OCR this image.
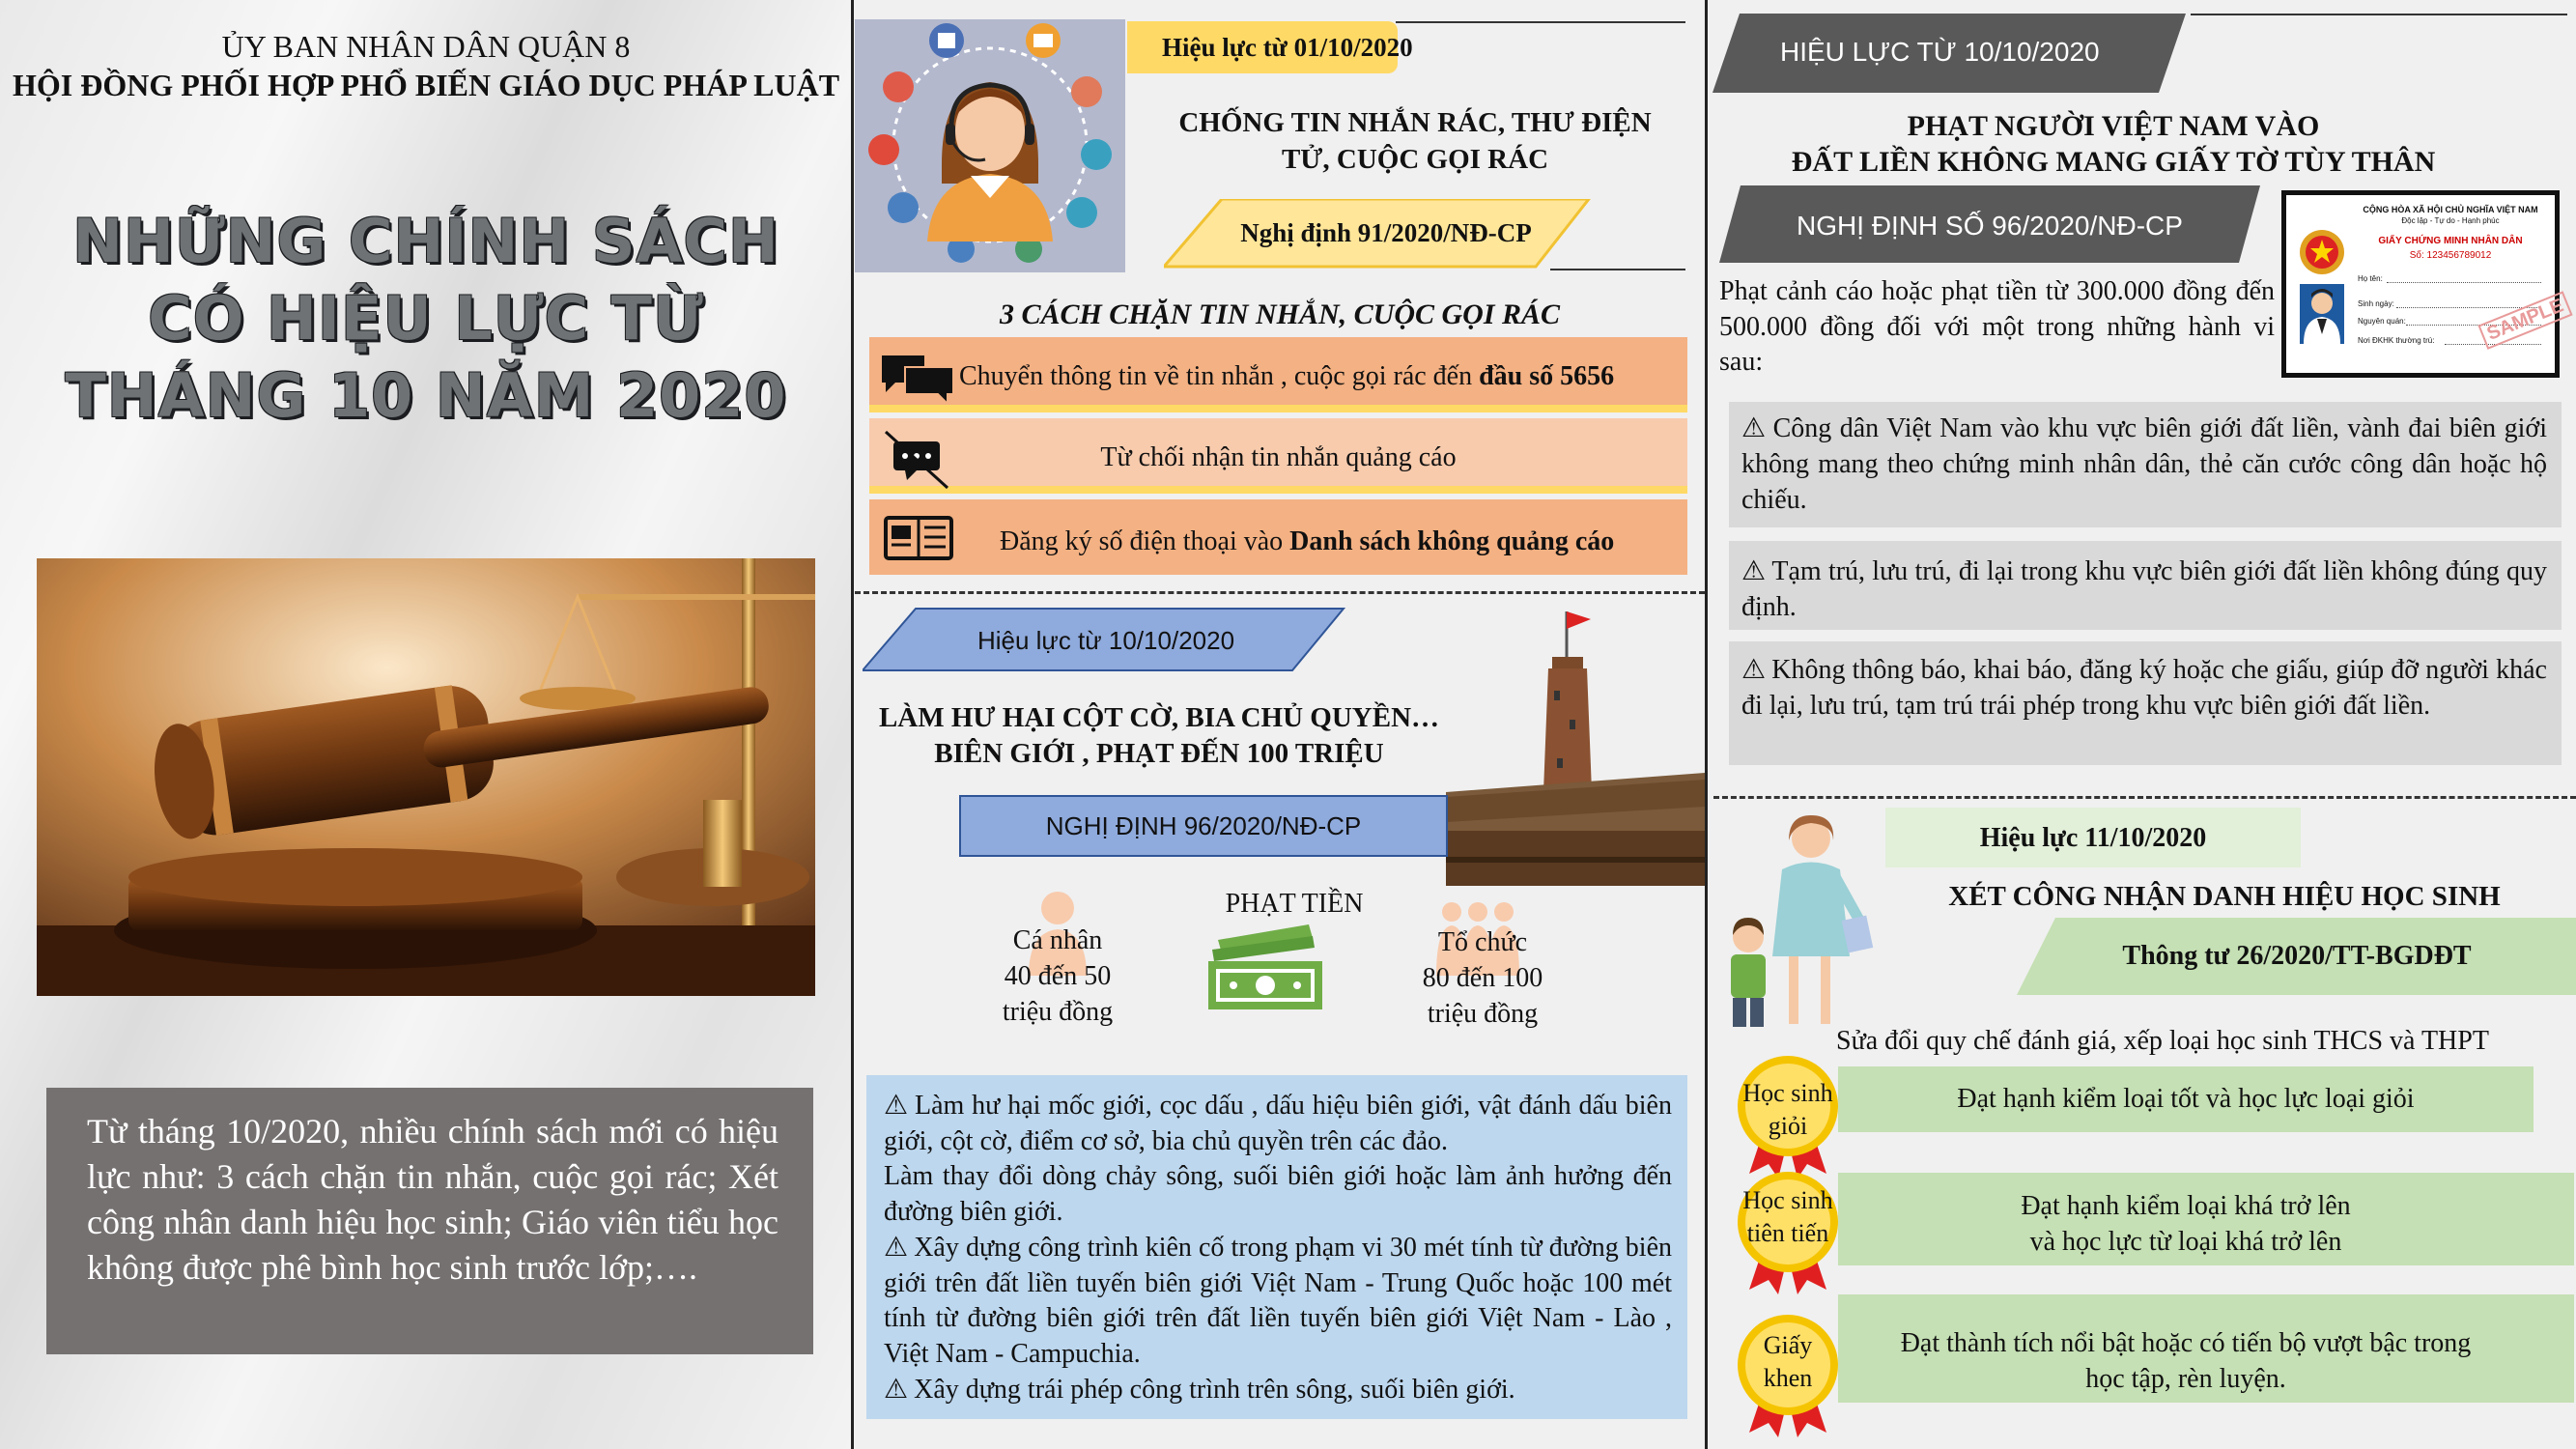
ỦY BAN NHÂN DÂN QUẬN 8
HỘI ĐỒNG PHỐI HỢP PHỔ BIẾN GIÁO DỤC PHÁP LUẬT
NHỮNG CHÍNH SÁCH
CÓ HIỆU LỰC TỪ
THÁNG 10 NĂM 2020
Từ tháng 10/2020, nhiều chính sách mới có hiệu lực như: 3 cách chặn tin nhắn, cuộc gọi rác; Xét công nhân danh hiệu học sinh; Giáo viên tiểu học không được phê bình học sinh trước lớp;….
Hiệu lực từ 01/10/2020
CHỐNG TIN NHẮN RÁC, THƯ ĐIỆN
TỬ, CUỘC GỌI RÁC
Nghị định 91/2020/NĐ-CP
3 CÁCH CHẶN TIN NHẮN, CUỘC GỌI RÁC
Chuyển thông tin về tin nhắn , cuộc gọi rác đến đầu số 5656
Từ chối nhận tin nhắn quảng cáo
Đăng ký số điện thoại vào Danh sách không quảng cáo
Hiệu lực từ 10/10/2020
LÀM HƯ HẠI CỘT CỜ, BIA CHỦ QUYỀN…
BIÊN GIỚI , PHẠT ĐẾN 100 TRIỆU
NGHỊ ĐỊNH 96/2020/NĐ-CP
PHẠT TIỀN
Cá nhân
40 đến 50
triệu đồng
Tổ chức
80 đến 100
triệu đồng
⚠ Làm hư hại mốc giới, cọc dấu , dấu hiệu biên giới, vật đánh dấu biên giới, cột cờ, điểm cơ sở, bia chủ quyền trên các đảo.
Làm thay đổi dòng chảy sông, suối biên giới hoặc làm ảnh hưởng đến đường biên giới.
⚠ Xây dựng công trình kiên cố trong phạm vi 30 mét tính từ đường biên giới trên đất liền tuyến biên giới Việt Nam - Trung Quốc hoặc 100 mét tính từ đường biên giới trên đất liền tuyến biên giới Việt Nam - Lào , Việt Nam - Campuchia.
⚠ Xây dựng trái phép công trình trên sông, suối biên giới.
HIỆU LỰC TỪ 10/10/2020
PHẠT NGƯỜI VIỆT NAM VÀO
ĐẤT LIỀN KHÔNG MANG GIẤY TỜ TÙY THÂN
NGHỊ ĐỊNH SỐ 96/2020/NĐ-CP
CỘNG HÒA XÃ HỘI CHỦ NGHĨA VIỆT NAM
Độc lập - Tự do - Hạnh phúc
GIẤY CHỨNG MINH NHÂN DÂN
Số: 123456789012
Họ tên:
Sinh ngày:
Nguyên quán:
Nơi ĐKHK thường trú:	SAMPLE
Phạt cảnh cáo hoặc phạt tiền từ 300.000 đồng đến 500.000 đồng đối với một trong những hành vi sau:
⚠ Công dân Việt Nam vào khu vực biên giới đất liền, vành đai biên giới không mang theo chứng minh nhân dân, thẻ căn cước công dân hoặc hộ chiếu.
⚠ Tạm trú, lưu trú, đi lại trong khu vực biên giới đất liền không đúng quy định.
⚠ Không thông báo, khai báo, đăng ký hoặc che giấu, giúp đỡ người khác đi lại, lưu trú, tạm trú trái phép trong khu vực biên giới đất liền.
Hiệu lực 11/10/2020
XÉT CÔNG NHẬN DANH HIỆU HỌC SINH
Thông tư 26/2020/TT-BGDĐT
Sửa đổi quy chế đánh giá, xếp loại học sinh THCS và THPT
Học sinh
giỏi
Đạt hạnh kiểm loại tốt và học lực loại giỏi
Học sinh
tiên tiến
Đạt hạnh kiểm loại khá trở lên
và học lực từ loại khá trở lên
Giấy
khen
Đạt thành tích nổi bật hoặc có tiến bộ vượt bậc trong
học tập, rèn luyện.
